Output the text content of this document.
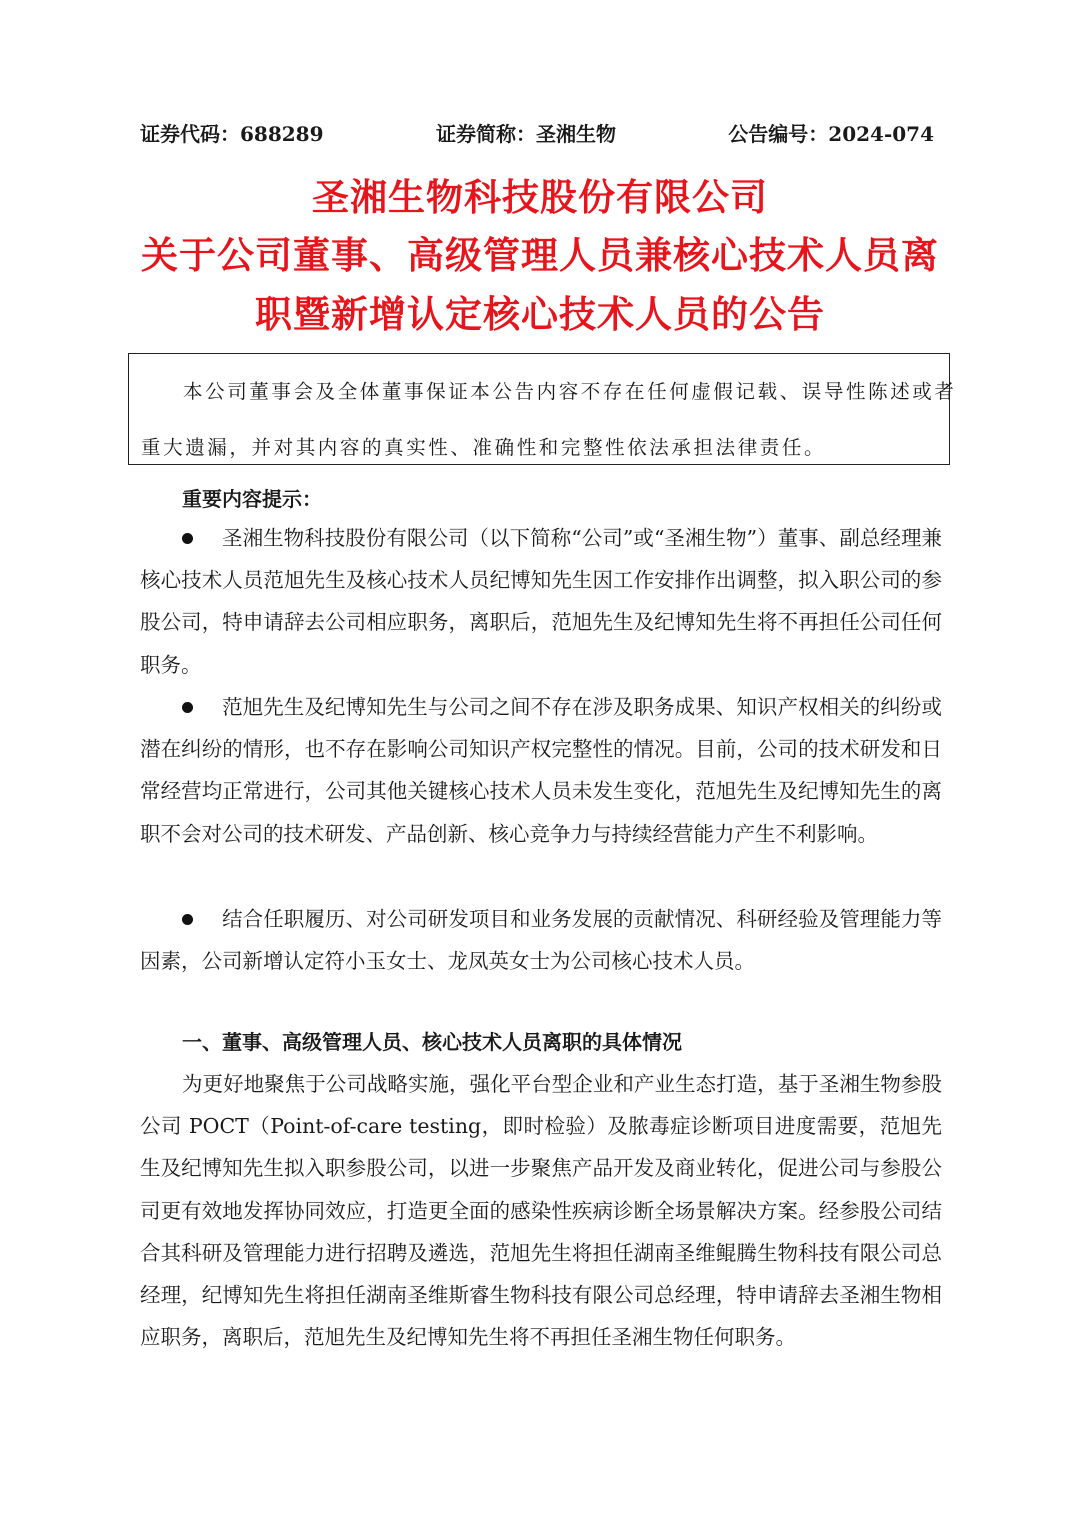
证券代码：688289	证券简称：圣湘生物	公告编号：2024-074
圣湘生物科技股份有限公司
关于公司董事、高级管理人员兼核心技术人员离
职暨新增认定核心技术人员的公告

本公司董事会及全体董事保证本公告内容不存在任何虚假记载、误导性陈述或者

重大遗漏，并对其内容的真实性、准确性和完整性依法承担法律责任。

重要内容提示：

圣湘生物科技股份有限公司（以下简称“公司”或“圣湘生物”）董事、副总经理兼核心技术人员范旭先生及核心技术人员纪博知先生因工作安排作出调整，拟入职公司的参股公司，特申请辞去公司相应职务，离职后，范旭先生及纪博知先生将不再担任公司任何职务。

范旭先生及纪博知先生与公司之间不存在涉及职务成果、知识产权相关的纠纷或潜在纠纷的情形，也不存在影响公司知识产权完整性的情况。目前，公司的技术研发和日常经营均正常进行，公司其他关键核心技术人员未发生变化，范旭先生及纪博知先生的离职不会对公司的技术研发、产品创新、核心竞争力与持续经营能力产生不利影响。

结合任职履历、对公司研发项目和业务发展的贡献情况、科研经验及管理能力等因素，公司新增认定符小玉女士、龙凤英女士为公司核心技术人员。

一、董事、高级管理人员、核心技术人员离职的具体情况

为更好地聚焦于公司战略实施，强化平台型企业和产业生态打造，基于圣湘生物参股公司 POCT（Point-of-care testing，即时检验）及脓毒症诊断项目进度需要，范旭先生及纪博知先生拟入职参股公司，以进一步聚焦产品开发及商业转化，促进公司与参股公司更有效地发挥协同效应，打造更全面的感染性疾病诊断全场景解决方案。经参股公司结合其科研及管理能力进行招聘及遴选，范旭先生将担任湖南圣维鲲腾生物科技有限公司总经理，纪博知先生将担任湖南圣维斯睿生物科技有限公司总经理，特申请辞去圣湘生物相应职务，离职后，范旭先生及纪博知先生将不再担任圣湘生物任何职务。
